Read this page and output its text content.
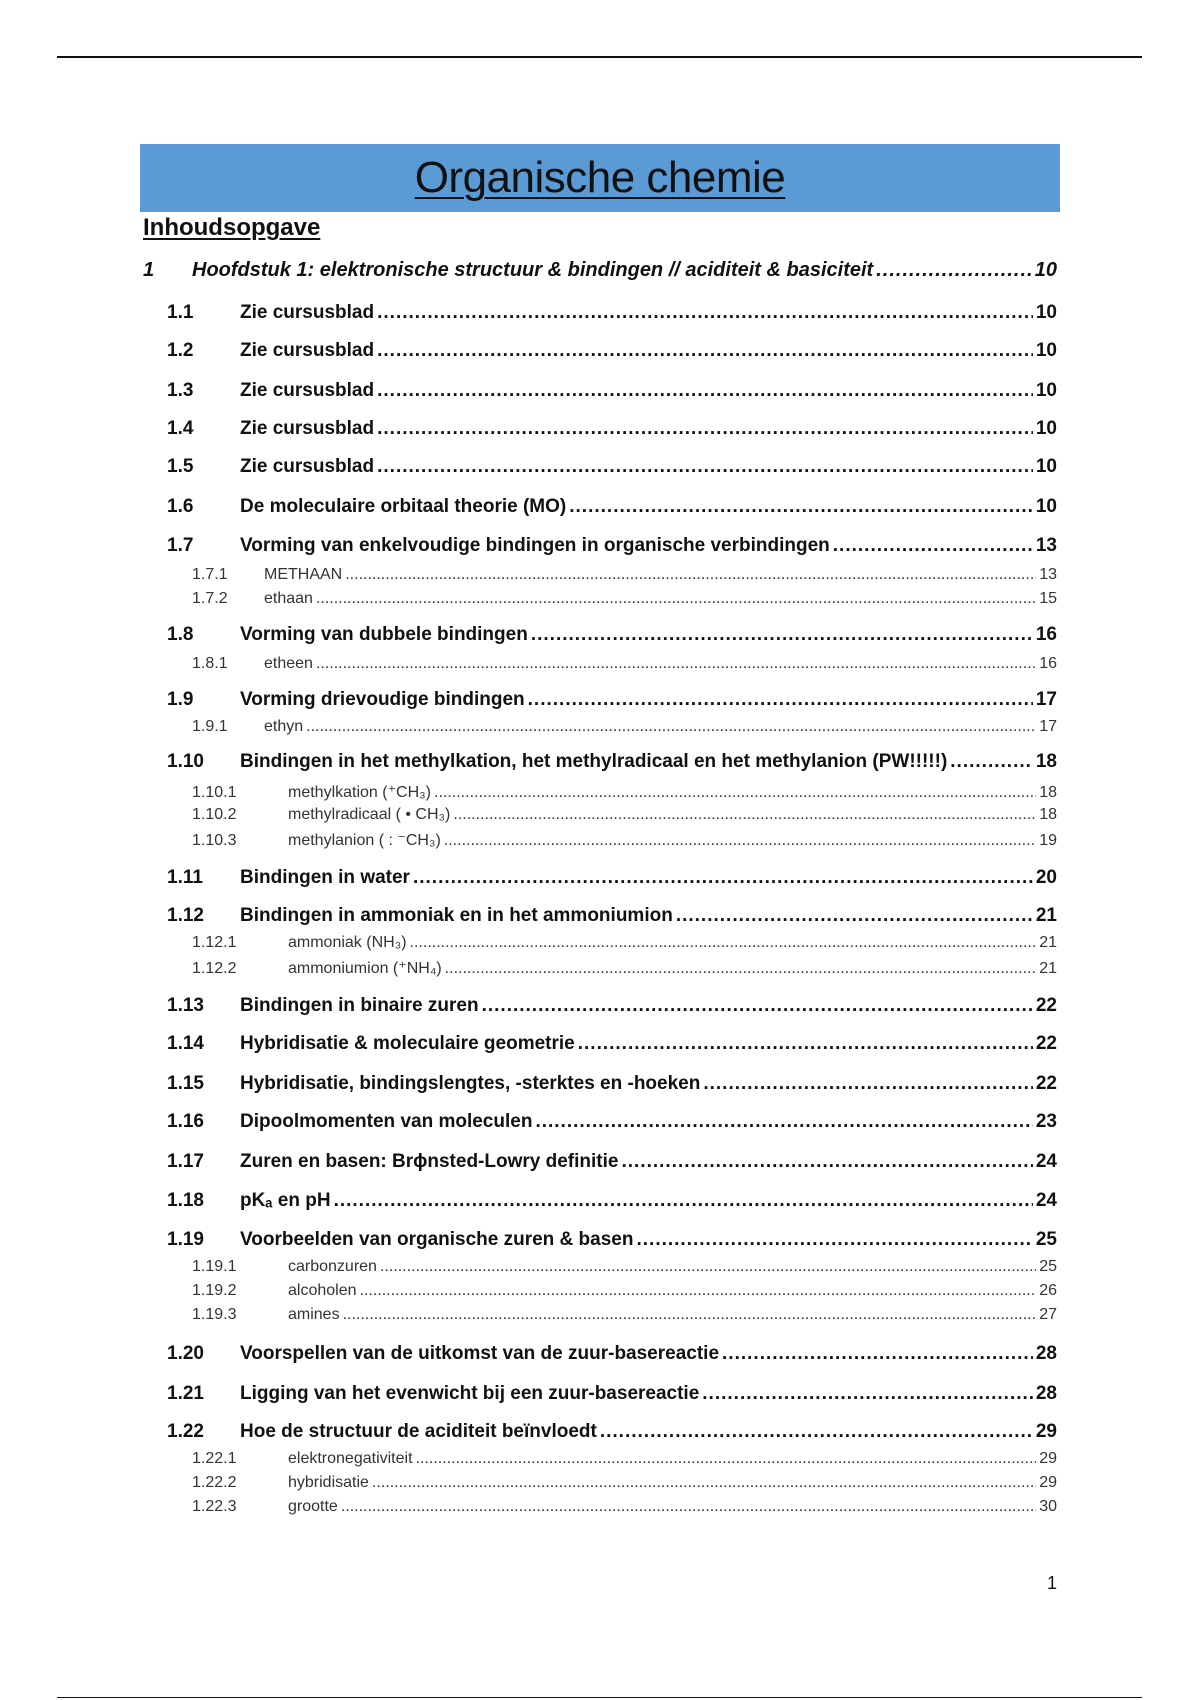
Organische chemie
Inhoudsopgave
1	Hoofdstuk 1: elektronische structuur & bindingen // aciditeit & basiciteit .....	10
1.1	Zie cursusblad .....	10
1.2	Zie cursusblad .....	10
1.3	Zie cursusblad .....	10
1.4	Zie cursusblad .....	10
1.5	Zie cursusblad .....	10
1.6	De moleculaire orbitaal theorie (MO) .....	10
1.7	Vorming van enkelvoudige bindingen in organische verbindingen .....	13
1.7.1	METHAAN .....	13
1.7.2	ethaan .....	15
1.8	Vorming van dubbele bindingen .....	16
1.8.1	etheen .....	16
1.9	Vorming drievoudige bindingen .....	17
1.9.1	ethyn .....	17
1.10	Bindingen in het methylkation, het methylradicaal en het methylanion (PW!!!!!) .....	18
1.10.1	methylkation (⁺CH₃) .....	18
1.10.2	methylradicaal ( • CH₃) .....	18
1.10.3	methylanion ( : ⁻CH₃) .....	19
1.11	Bindingen in water .....	20
1.12	Bindingen in ammoniak en in het ammoniumion .....	21
1.12.1	ammoniak (NH₃) .....	21
1.12.2	ammoniumion (⁺NH₄) .....	21
1.13	Bindingen in binaire zuren .....	22
1.14	Hybridisatie & moleculaire geometrie .....	22
1.15	Hybridisatie, bindingslengtes, -sterktes en -hoeken .....	22
1.16	Dipoolmomenten van moleculen .....	23
1.17	Zuren en basen: Brϕnsted-Lowry definitie .....	24
1.18	pKₐ en pH .....	24
1.19	Voorbeelden van organische zuren & basen .....	25
1.19.1	carbonzuren .....	25
1.19.2	alcoholen .....	26
1.19.3	amines .....	27
1.20	Voorspellen van de uitkomst van de zuur-basereactie .....	28
1.21	Ligging van het evenwicht bij een zuur-basereactie .....	28
1.22	Hoe de structuur de aciditeit beïnvloedt .....	29
1.22.1	elektronegativiteit .....	29
1.22.2	hybridisatie .....	29
1.22.3	grootte .....	30
1
